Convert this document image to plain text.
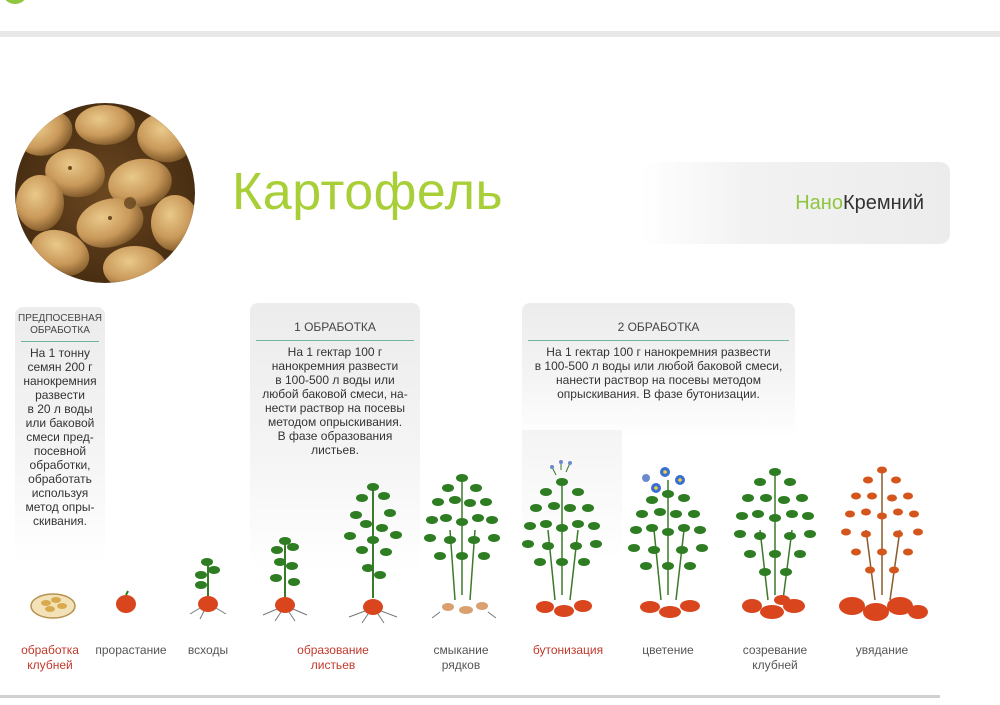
Картофель	НаноКремний
ПРЕДПОСЕВНАЯ
ОБРАБОТКА
На 1 тонну
семян 200 г
нанокремния
развести
в 20 л воды
или баковой
смеси пред-
посевной
обработки,
обработать
используя
метод опры-
скивания.
1 ОБРАБОТКА
На 1 гектар 100 г
нанокремния развести
в 100-500 л воды или
любой баковой смеси, на-
нести раствор на посевы
методом опрыскивания.
В фазе образования
листьев.
2 ОБРАБОТКА
На 1 гектар 100 г нанокремния развести
в 100-500 л воды или любой баковой смеси,
нанести раствор на посевы методом
опрыскивания. В фазе бутонизации.
обработка
клубней
прорастание	всходы	образование
листьев
смыкание
рядков
бутонизация	цветение	созревание
клубней
увядание
